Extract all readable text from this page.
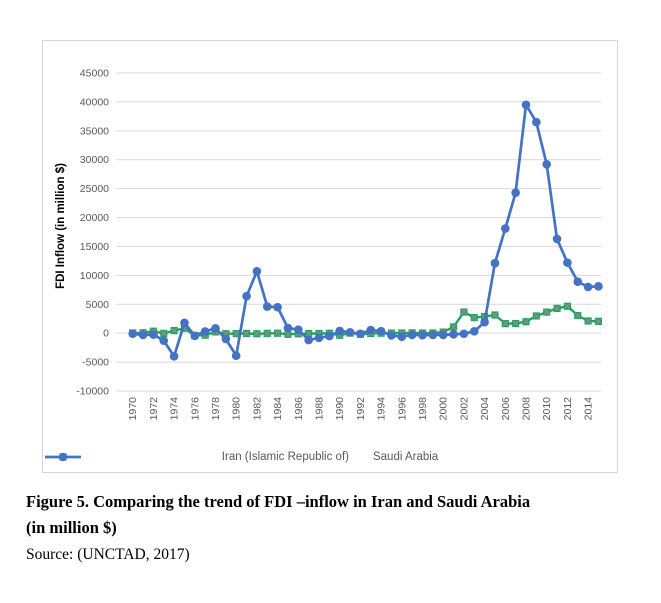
45000
40000
35000
30000
25000
20000
15000
10000
5000
0
-5000
-10000
1970 1972 1974 1976 1978 1980 1982 1984 1986 1988 1990 1992 1994 1996 1998 2000 2002 2004 2006 2008 2010 2012 2014
FDI Inflow (in million $)
Iran (Islamic Republic of) Saudi Arabia
Figure 5. Comparing the trend of FDI –inflow in Iran and Saudi Arabia
(in million $)
Source: (UNCTAD, 2017)
